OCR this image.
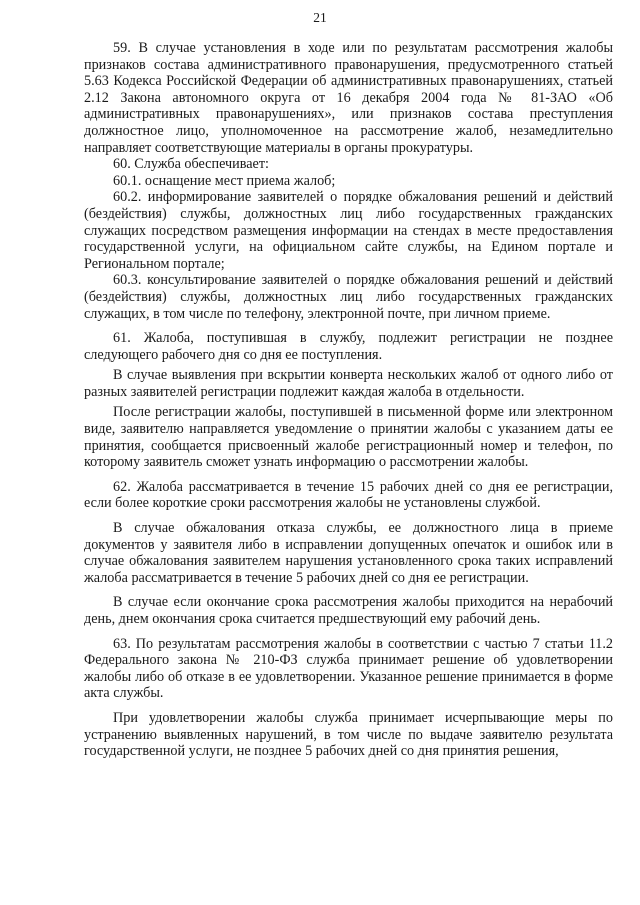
21

59. В случае установления в ходе или по результатам рассмотрения жалобы признаков состава административного правонарушения, предусмотренного статьей 5.63 Кодекса Российской Федерации об административных правонарушениях, статьей 2.12 Закона автономного округа от 16 декабря 2004 года № 81-ЗАО «Об административных правонарушениях», или признаков состава преступления должностное лицо, уполномоченное на рассмотрение жалоб, незамедлительно направляет соответствующие материалы в органы прокуратуры.

60. Служба обеспечивает:

60.1. оснащение мест приема жалоб;

60.2. информирование заявителей о порядке обжалования решений и действий (бездействия) службы, должностных лиц либо государственных гражданских служащих посредством размещения информации на стендах в месте предоставления государственной услуги, на официальном сайте службы, на Едином портале и Региональном портале;

60.3. консультирование заявителей о порядке обжалования решений и действий (бездействия) службы, должностных лиц либо государственных гражданских служащих, в том числе по телефону, электронной почте, при личном приеме.

61. Жалоба, поступившая в службу, подлежит регистрации не позднее следующего рабочего дня со дня ее поступления.

В случае выявления при вскрытии конверта нескольких жалоб от одного либо от разных заявителей регистрации подлежит каждая жалоба в отдельности.

После регистрации жалобы, поступившей в письменной форме или электронном виде, заявителю направляется уведомление о принятии жалобы с указанием даты ее принятия, сообщается присвоенный жалобе регистрационный номер и телефон, по которому заявитель сможет узнать информацию о рассмотрении жалобы.

62. Жалоба рассматривается в течение 15 рабочих дней со дня ее регистрации, если более короткие сроки рассмотрения жалобы не установлены службой.

В случае обжалования отказа службы, ее должностного лица в приеме документов у заявителя либо в исправлении допущенных опечаток и ошибок или в случае обжалования заявителем нарушения установленного срока таких исправлений жалоба рассматривается в течение 5 рабочих дней со дня ее регистрации.

В случае если окончание срока рассмотрения жалобы приходится на нерабочий день, днем окончания срока считается предшествующий ему рабочий день.

63. По результатам рассмотрения жалобы в соответствии с частью 7 статьи 11.2 Федерального закона № 210-ФЗ служба принимает решение об удовлетворении жалобы либо об отказе в ее удовлетворении. Указанное решение принимается в форме акта службы.

При удовлетворении жалобы служба принимает исчерпывающие меры по устранению выявленных нарушений, в том числе по выдаче заявителю результата государственной услуги, не позднее 5 рабочих дней со дня принятия решения,
